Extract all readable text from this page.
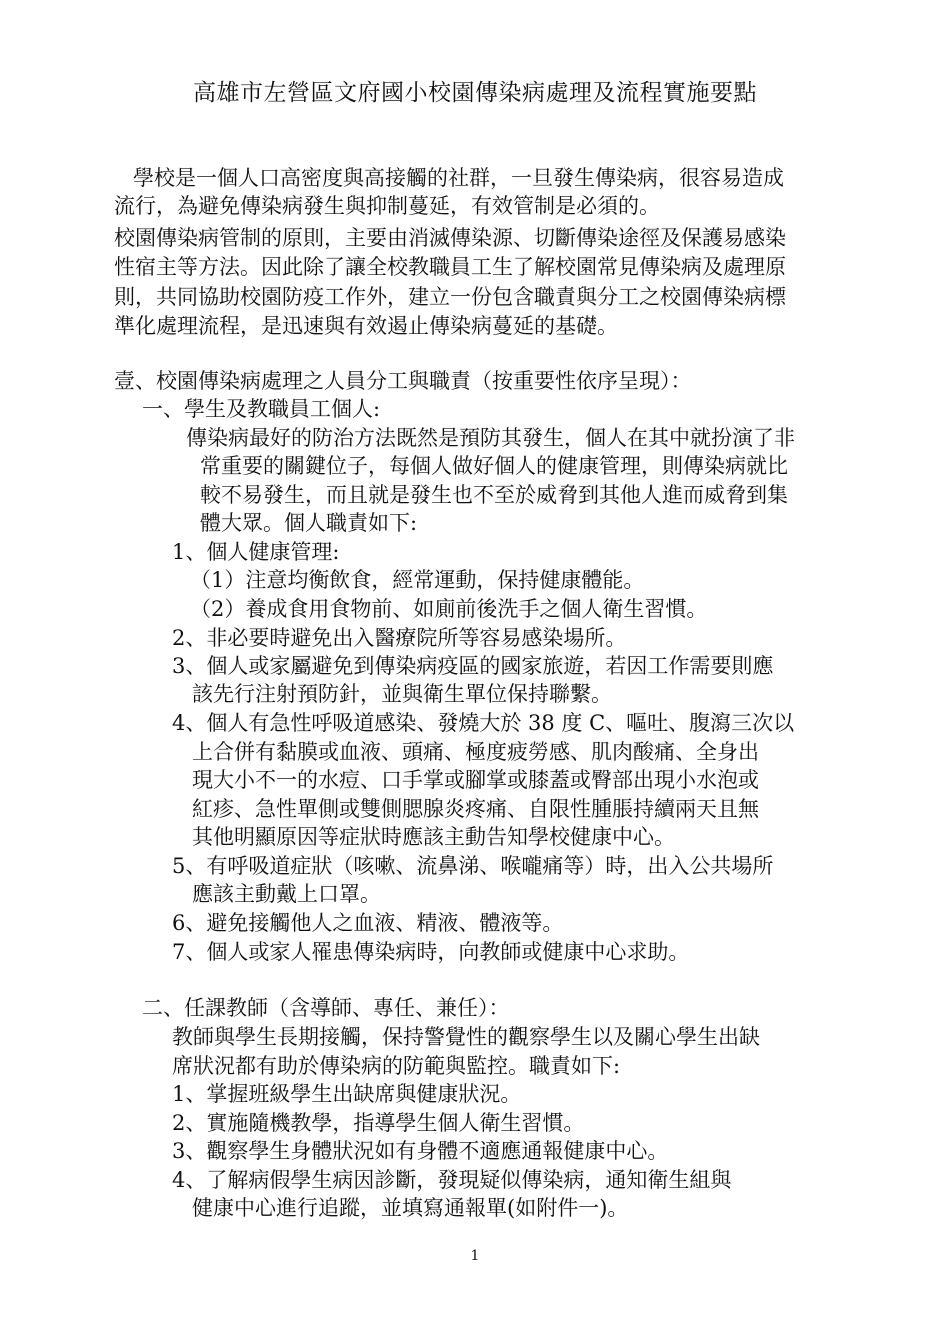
高雄市左營區文府國小校園傳染病處理及流程實施要點
學校是一個人口高密度與高接觸的社群，一旦發生傳染病，很容易造成
流行，為避免傳染病發生與抑制蔓延，有效管制是必須的。
校園傳染病管制的原則，主要由消滅傳染源、切斷傳染途徑及保護易感染
性宿主等方法。因此除了讓全校教職員工生了解校園常見傳染病及處理原
則，共同協助校園防疫工作外，建立一份包含職責與分工之校園傳染病標
準化處理流程，是迅速與有效遏止傳染病蔓延的基礎。
壹、校園傳染病處理之人員分工與職責（按重要性依序呈現）：
一、學生及教職員工個人:
傳染病最好的防治方法既然是預防其發生，個人在其中就扮演了非
常重要的關鍵位子，每個人做好個人的健康管理，則傳染病就比
較不易發生，而且就是發生也不至於威脅到其他人進而威脅到集
體大眾。個人職責如下:
1、個人健康管理:
（1）注意均衡飲食，經常運動，保持健康體能。
（2）養成食用食物前、如廁前後洗手之個人衛生習慣。
2、非必要時避免出入醫療院所等容易感染場所。
3、個人或家屬避免到傳染病疫區的國家旅遊，若因工作需要則應
該先行注射預防針，並與衛生單位保持聯繫。
4、個人有急性呼吸道感染、發燒大於 38 度 C、嘔吐、腹瀉三次以
上合併有黏膜或血液、頭痛、極度疲勞感、肌肉酸痛、全身出
現大小不一的水痘、口手掌或腳掌或膝蓋或臀部出現小水泡或
紅疹、急性單側或雙側腮腺炎疼痛、自限性腫脹持續兩天且無
其他明顯原因等症狀時應該主動告知學校健康中心。
5、有呼吸道症狀（咳嗽、流鼻涕、喉嚨痛等）時，出入公共場所
應該主動戴上口罩。
6、避免接觸他人之血液、精液、體液等。
7、個人或家人罹患傳染病時，向教師或健康中心求助。
二、任課教師（含導師、專任、兼任）：
教師與學生長期接觸，保持警覺性的觀察學生以及關心學生出缺
席狀況都有助於傳染病的防範與監控。職責如下:
1、掌握班級學生出缺席與健康狀況。
2、實施隨機教學，指導學生個人衛生習慣。
3、觀察學生身體狀況如有身體不適應通報健康中心。
4、了解病假學生病因診斷，發現疑似傳染病，通知衛生組與
健康中心進行追蹤，並填寫通報單(如附件一)。
1
